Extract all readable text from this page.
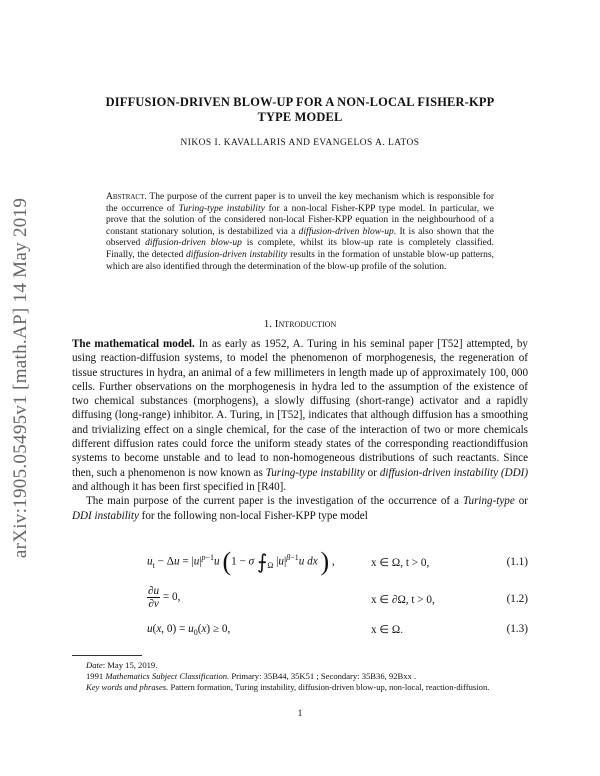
arXiv:1905.05495v1 [math.AP] 14 May 2019
DIFFUSION-DRIVEN BLOW-UP FOR A NON-LOCAL FISHER-KPP
TYPE MODEL
NIKOS I. KAVALLARIS AND EVANGELOS A. LATOS
Abstract. The purpose of the current paper is to unveil the key mechanism which is responsible for the occurrence of Turing-type instability for a non-local Fisher-KPP type model. In particular, we prove that the solution of the considered non-local Fisher-KPP equation in the neighbourhood of a constant stationary solution, is destabilized via a diffusion-driven blow-up. It is also shown that the observed diffusion-driven blow-up is complete, whilst its blow-up rate is completely classified. Finally, the detected diffusion-driven instability results in the formation of unstable blow-up patterns, which are also identified through the determination of the blow-up profile of the solution.
1. Introduction

The mathematical model. In as early as 1952, A. Turing in his seminal paper [T52] attempted, by using reaction-diffusion systems, to model the phenomenon of morphogenesis, the regeneration of tissue structures in hydra, an animal of a few millimeters in length made up of approximately 100, 000 cells. Further observations on the morphogenesis in hydra led to the assumption of the existence of two chemical substances (morphogens), a slowly diffusing (short-range) activator and a rapidly diffusing (long-range) inhibitor. A. Turing, in [T52], indicates that although diffusion has a smoothing and trivializing effect on a single chemical, for the case of the interaction of two or more chemicals different diffusion rates could force the uniform steady states of the corresponding reactiondiffusion systems to become unstable and to lead to non-homogeneous distributions of such reactants. Since then, such a phenomenon is now known as Turing-type instability or diffusion-driven instability (DDI) and although it has been first specified in [R40].

The main purpose of the current paper is the investigation of the occurrence of a Turing-type or DDI instability for the following non-local Fisher-KPP type model

$u_t - \Delta u = |u|^{p-1}u$ (1 − σ $⨍_\Omega$ $|u|^{\beta-1}u$ dx ) ,	x ∈ Ω, t > 0,	(1.1)
$\frac{\partial u}{\partial\nu} = 0$,	x ∈ ∂Ω, t > 0,	(1.2)
u(x, $0) = u_0(x) \ge 0$,	x ∈ Ω.	(1.3)

Date: May 15, 2019.

1991 Mathematics Subject Classification. Primary: 35B44, 35K51 ; Secondary: 35B36, 92Bxx .

Key words and phrases. Pattern formation, Turing instability, diffusion-driven blow-up, non-local, reaction-diffusion.

1
